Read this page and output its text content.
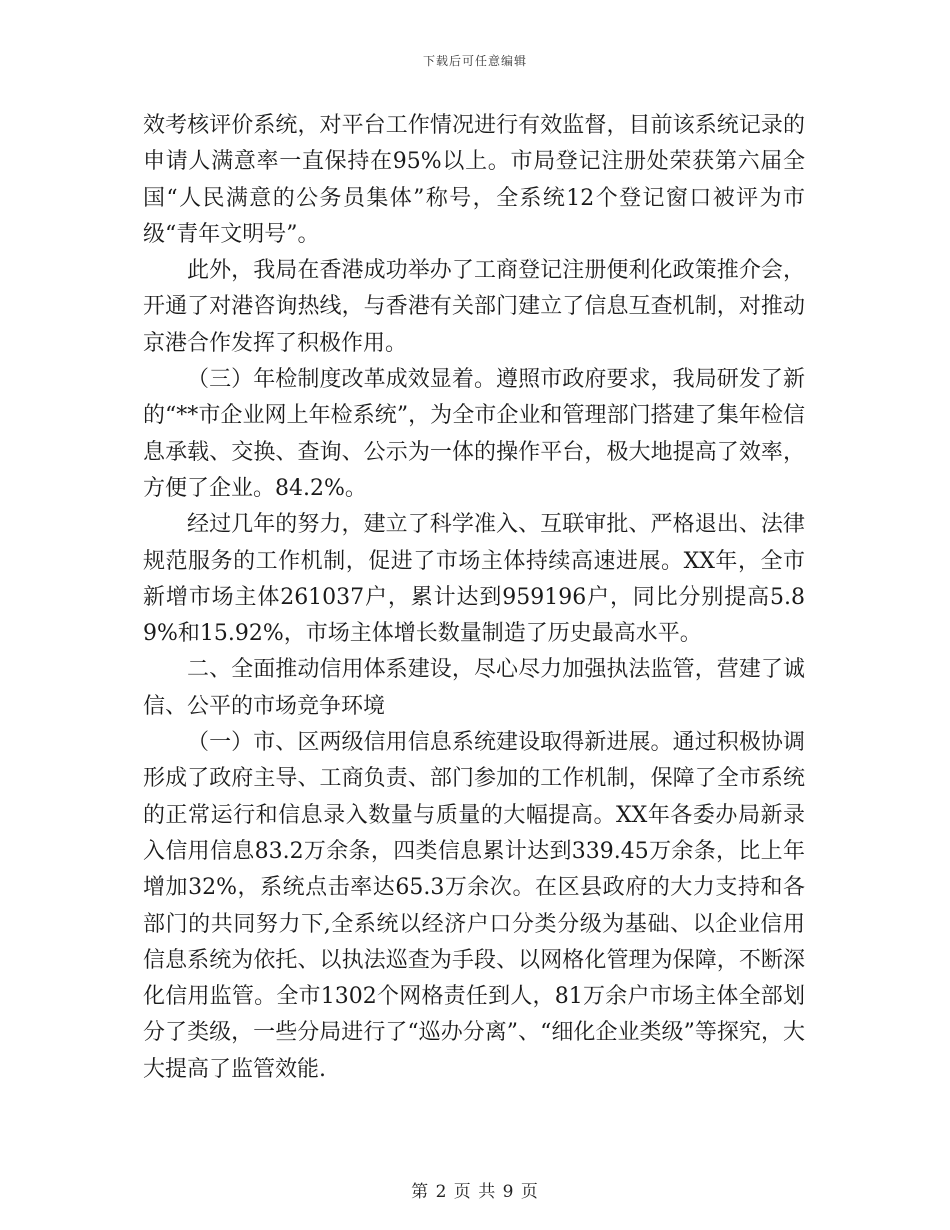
下载后可任意编辑

效考核评价系统，对平台工作情况进行有效监督，目前该系统记录的申请人满意率一直保持在95%以上。市局登记注册处荣获第六届全国“人民满意的公务员集体”称号，全系统12个登记窗口被评为市级“青年文明号”。

此外，我局在香港成功举办了工商登记注册便利化政策推介会，开通了对港咨询热线，与香港有关部门建立了信息互查机制，对推动京港合作发挥了积极作用。

（三）年检制度改革成效显着。遵照市政府要求，我局研发了新的“**市企业网上年检系统”，为全市企业和管理部门搭建了集年检信息承载、交换、查询、公示为一体的操作平台，极大地提高了效率，方便了企业。84.2%。

经过几年的努力，建立了科学准入、互联审批、严格退出、法律规范服务的工作机制，促进了市场主体持续高速进展。XX年，全市新增市场主体261037户，累计达到959196户，同比分别提高5.89%和15.92%，市场主体增长数量制造了历史最高水平。

二、全面推动信用体系建设，尽心尽力加强执法监管，营建了诚信、公平的市场竞争环境

（一）市、区两级信用信息系统建设取得新进展。通过积极协调形成了政府主导、工商负责、部门参加的工作机制，保障了全市系统的正常运行和信息录入数量与质量的大幅提高。XX年各委办局新录入信用信息83.2万余条，四类信息累计达到339.45万余条，比上年增加32%，系统点击率达65.3万余次。在区县政府的大力支持和各部门的共同努力下,全系统以经济户口分类分级为基础、以企业信用信息系统为依托、以执法巡查为手段、以网格化管理为保障，不断深化信用监管。全市1302个网格责任到人，81万余户市场主体全部划分了类级，一些分局进行了“巡办分离”、“细化企业类级”等探究，大大提高了监管效能.

第 2 页 共 9 页
